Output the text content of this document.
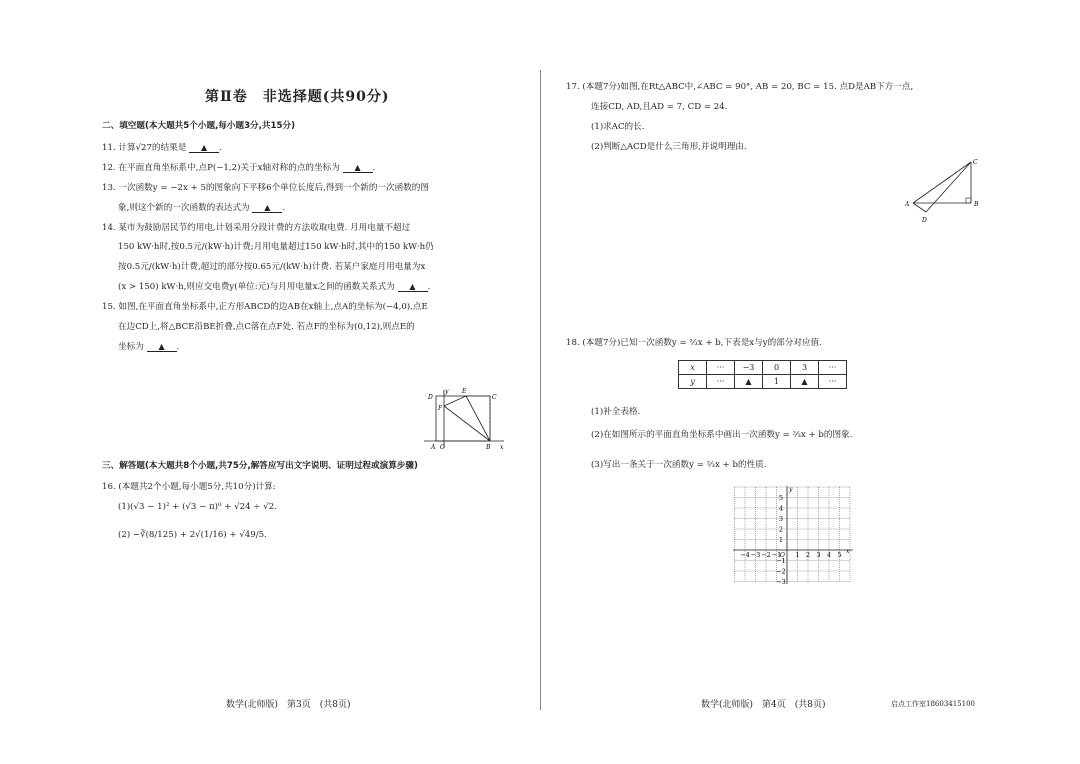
第Ⅱ卷　非选择题(共90分)
二、填空题(本大题共5个小题,每小题3分,共15分)
11. 计算√27的结果是 ▲ .
12. 在平面直角坐标系中,点P(−1,2)关于x轴对称的点的坐标为 ▲ .
13. 一次函数y = −2x + 5的图象向下平移6个单位长度后,得到一个新的一次函数的图
象,则这个新的一次函数的表达式为 ▲ .
14. 某市为鼓励居民节约用电,计划采用分段计费的方法收取电费. 月用电量不超过
150 kW·h时,按0.5元/(kW·h)计费;月用电量超过150 kW·h时,其中的150 kW·h仍
按0.5元/(kW·h)计费,超过的部分按0.65元/(kW·h)计费. 若某户家庭月用电量为x
(x > 150) kW·h,则应交电费y(单位:元)与月用电量x之间的函数关系式为 ▲ .
15. 如图,在平面直角坐标系中,正方形ABCD的边AB在x轴上,点A的坐标为(−4,0).点E
在边CD上,将△BCE沿BE折叠,点C落在点F处. 若点F的坐标为(0,12),则点E的
坐标为 ▲ .
y
D
E
C
F
A O	B x
三、解答题(本大题共8个小题,共75分,解答应写出文字说明、证明过程或演算步骤)
16. (本题共2个小题,每小题5分,共10分)计算:
(1)(√3 − 1)² + (√3 − π)⁰ + √24 ÷ √2.
(2) −∛(8/125) + 2√(1/16) + √49/5.
数学(北师版)　第3页　(共8页)
17. (本题7分)如图,在Rt△ABC中,∠ABC = 90°, AB = 20, BC = 15. 点D是AB下方一点,
连接CD, AD,且AD = 7, CD = 24.
(1)求AC的长.
(2)判断△ACD是什么三角形,并说明理由.
A	B
C
D
18. (本题7分)已知一次函数y = ⅔x + b,下表是x与y的部分对应值.
x	···	−3	0	3	···
y	···	▲	1	▲	···
(1)补全表格.
(2)在如图所示的平面直角坐标系中画出一次函数y = ⅔x + b的图象.
(3)写出一条关于一次函数y = ⅔x + b的性质.
5
4
3
2
1
−1
−2
−3
−4 −3 −2 −1 1 2 3 4 5
y
x
O
数学(北师版)　第4页　(共8页)	启点工作室18603415100
